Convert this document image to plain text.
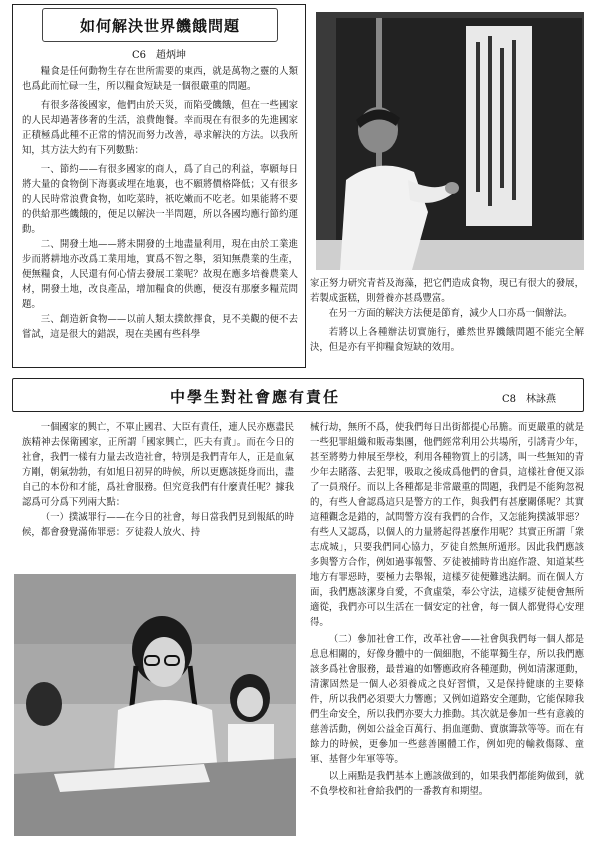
如何解決世界饑餓問題
C6　趙炳坤

糧食是任何動物生存在世所需要的東西，就是萬物之靈的人類也爲此而忙碌一生，所以糧食短缺是一個很嚴重的問題。

有很多落後國家，他們由於天災，而陷受饑餓，但在一些國家的人民却過著侈奢的生活，浪費飽餐。幸而現在有很多的先進國家正積極爲此種不正常的情況而努力改善，尋求解決的方法。以我所知，其方法大約有下列數點：

一、節約——有很多國家的商人，爲了自己的利益，寧願每日將大量的食物倒下海裏或埋在地裏，也不願將價格降低；又有很多的人民時常浪費食物，如吃菜時，祇吃嫩而不吃老。如果能將不要的供給那些饑餓的，便足以解決一半問題，所以各國均應行節約運動。

二、開發土地——將未開發的土地盡量利用，現在由於工業進步而將耕地亦改爲工業用地，實爲不智之舉，須知無農業的生產，便無糧食，人民還有何心情去發展工業呢？故現在應多培養農業人材，開發土地，改良產品，增加糧食的供應，便沒有那麼多糧荒問題。

三、創造新食物——以前人類太撲飲擇食，見不美觀的便不去嘗試，這是很大的錯誤，現在美國有些科學

家正努力研究青苔及海藻，把它們造成食物，現已有很大的發展，若製成蛋糕，則營養亦甚爲豐富。

在另一方面的解決方法便是節育，減少人口亦爲一個辦法。

若將以上各種辦法切實施行，雖然世界饑餓問題不能完全解決，但是亦有平抑糧食短缺的效用。

中學生對社會應有責任	C8　林詠燕

一個國家的興亡，不單止國君、大臣有責任，連人民亦應盡民族精神去保衛國家，正所謂「國家興亡，匹夫有責」。而在今日的社會，我們一樣有力量去改造社會，特別是我們青年人，正是血氣方剛，朝氣勃勃，有如旭日初昇的時候，所以更應該挺身而出，盡自己的本份和才能，爲社會服務。但究竟我們有什麼責任呢？據我認爲可分爲下列兩大點：

（一）撲滅罪行——在今日的社會，每日當我們見到報紙的時候，都會發覺滿佈罪惡：歹徒殺人放火、持

械行劫，無所不爲，使我們每日出街都提心吊膽。而更嚴重的就是一些犯罪組織和販毒集團，他們經常利用公共場所，引誘青少年，甚至將勢力伸展至學校，利用各種物質上的引誘，叫一些無知的青少年去賭落、去犯罪，吸取之後成爲他們的會員，這樣社會便又添了一員飛仔。而以上各種都是非常嚴重的問題，我們是不能夠忽視的，有些人會認爲這只是警方的工作，與我們有甚麼關係呢？其實這種觀念是錯的，試問警方沒有我們的合作，又怎能夠撲滅罪惡？有些人又認爲，以個人的力量將起得甚麼作用呢？其實正所謂「衆志成城」，只要我們同心協力，歹徒自然無所遁形。因此我們應該多與警方合作，例如過事報警、歹徒被捕時肯出庭作證、知道某些地方有罪惡時，要極力去舉報，這樣歹徒便難逃法網。而在個人方面，我們應該潔身自愛，不貪虛榮，奉公守法，這樣歹徒便會無所適從，我們亦可以生活在一個安定的社會，每一個人都覺得心安理得。

（二）參加社會工作，改革社會——社會與我們每一個人都是息息相關的，好像身體中的一個細胞，不能單獨生存，所以我們應該多爲社會服務，最普遍的如響應政府各種運動，例如清潔運動，清潔固然是一個人必須養成之良好習慣，又是保持健康的主要條件，所以我們必須要大力響應；又例如道路安全運動，它能保障我們生命安全，所以我們亦要大力推動。其次就是參加一些有意義的慈善活動，例如公益金百萬行、捐血運動、賣旗籌款等等。而在有餘力的時候，更參加一些慈善團體工作，例如兜的輸救傷隊、童軍、基督少年軍等等。

以上兩點是我們基本上應該做到的，如果我們都能夠做到，就不負學校和社會給我們的一番教育和期望。
